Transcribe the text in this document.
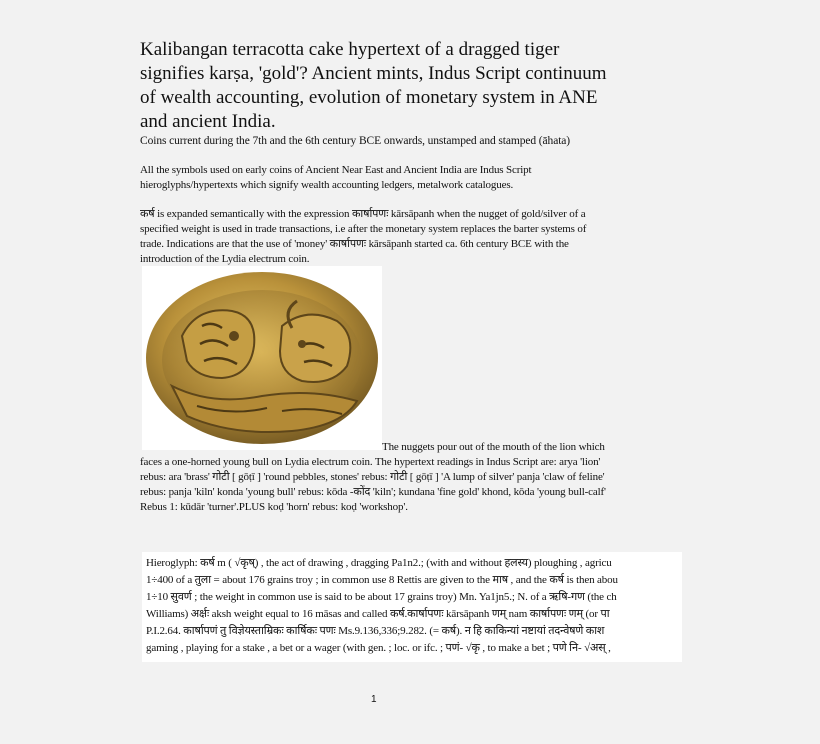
Kalibangan terracotta cake hypertext of a dragged tiger signifies karṣa, 'gold'? Ancient mints, Indus Script continuum of wealth accounting, evolution of monetary system in ANE and ancient India.
Coins current during the 7th and the 6th century BCE onwards, unstamped and stamped (āhata)
All the symbols used on early coins of Ancient Near East and Ancient India are Indus Script hieroglyphs/hypertexts which signify wealth accounting ledgers, metalwork catalogues.
कर्ष is expanded semantically with the expression कार्षापणः kārsāpanh when the nugget of gold/silver of a specified weight is used in trade transactions, i.e after the monetary system replaces the barter systems of trade. Indications are that the use of 'money' कार्षापणः kārsāpanh started ca. 6th century BCE with the introduction of the Lydia electrum coin.
The nuggets pour out of the mouth of the lion which faces a one-horned young bull on Lydia electrum coin. The hypertext readings in Indus Script are: arya 'lion' rebus: ara 'brass' गोटी [ gōṭī ] 'round pebbles, stones' rebus: गोटी [ gōṭī ] 'A lump of silver' panja 'claw of feline' rebus: panja 'kiln' konda 'young bull' rebus: kōda -कोंद 'kiln'; kundana 'fine gold' khond, kōda 'young bull-calf' Rebus 1: kūdār 'turner'.PLUS koḍ 'horn' rebus: koḍ 'workshop'.
Hieroglyph: कर्ष m ( √कृष्) , the act of drawing , dragging Pa1n2.; (with and without हलस्य) ploughing , agricu
1÷400 of a तुला = about 176 grains troy ; in common use 8 Rettis are given to the माष , and the कर्ष is then abou
1÷10 सुवर्ण ; the weight in common use is said to be about 17 grains troy) Mn. Ya1jn5.; N. of a ऋषि-गण (the ch
Williams) अर्क्षः aksh weight equal to 16 māsas and called कर्ष.कार्षापणः kārsāpanh णम् nam कार्षापणः णम् (or पा
P.I.2.64. कार्षापणं तु विज्ञेयस्ताम्रिकः कार्षिकः पणः Ms.9.136,336;9.282. (= कर्ष). न हि काकिन्यां नष्टायां तदन्वेषणे काश
gaming , playing for a stake , a bet or a wager (with gen. ; loc. or ifc. ; पणं- √कृ , to make a bet ; पणे नि- √अस् ,
1
